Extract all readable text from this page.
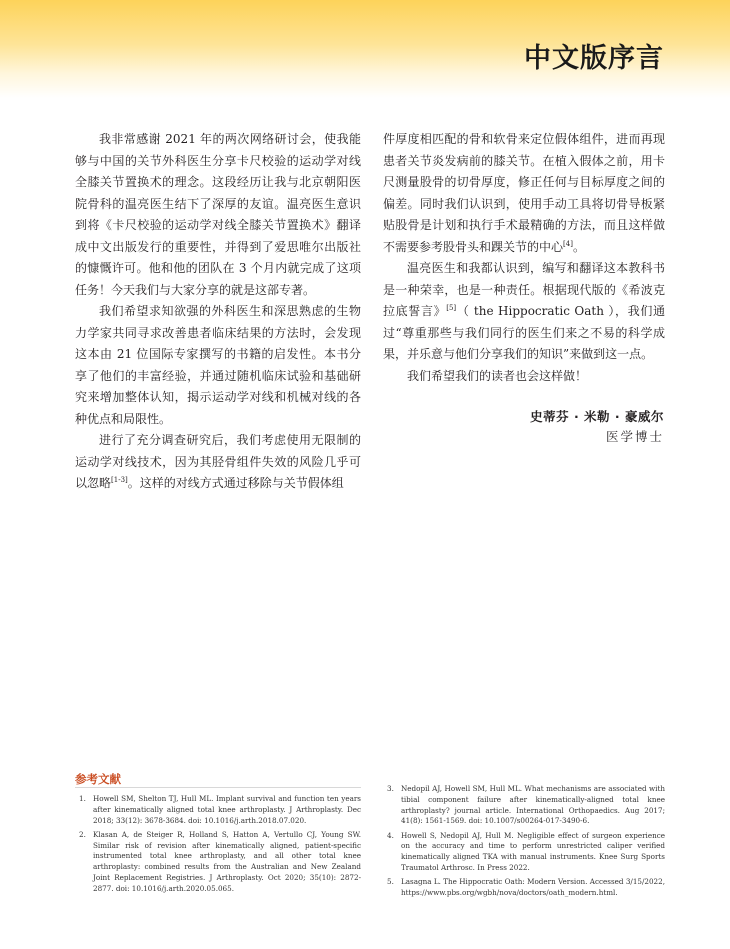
中文版序言

我非常感谢 2021 年的两次网络研讨会，使我能够与中国的关节外科医生分享卡尺校验的运动学对线全膝关节置换术的理念。这段经历让我与北京朝阳医院骨科的温亮医生结下了深厚的友谊。温亮医生意识到将《卡尺校验的运动学对线全膝关节置换术》翻译成中文出版发行的重要性，并得到了爱思唯尔出版社的慷慨许可。他和他的团队在 3 个月内就完成了这项任务！今天我们与大家分享的就是这部专著。

我们希望求知欲强的外科医生和深思熟虑的生物力学家共同寻求改善患者临床结果的方法时，会发现这本由 21 位国际专家撰写的书籍的启发性。本书分享了他们的丰富经验，并通过随机临床试验和基础研究来增加整体认知，揭示运动学对线和机械对线的各种优点和局限性。

进行了充分调查研究后，我们考虑使用无限制的运动学对线技术，因为其胫骨组件失效的风险几乎可以忽略[1-3]。这样的对线方式通过移除与关节假体组

件厚度相匹配的骨和软骨来定位假体组件，进而再现患者关节炎发病前的膝关节。在植入假体之前，用卡尺测量股骨的切骨厚度，修正任何与目标厚度之间的偏差。同时我们认识到，使用手动工具将切骨导板紧贴股骨是计划和执行手术最精确的方法，而且这样做不需要参考股骨头和踝关节的中心[4]。

温亮医生和我都认识到，编写和翻译这本教科书是一种荣幸，也是一种责任。根据现代版的《希波克拉底誓言》[5]（ the Hippocratic Oath ），我们通过“尊重那些与我们同行的医生们来之不易的科学成果，并乐意与他们分享我们的知识”来做到这一点。

我们希望我们的读者也会这样做！

史蒂芬 · 米勒 · 豪威尔
医学博士
参考文献
1. Howell SM, Shelton TJ, Hull ML. Implant survival and function ten years after kinematically aligned total knee arthroplasty. J Arthroplasty. Dec 2018; 33(12): 3678-3684. doi: 10.1016/j.arth.2018.07.020.
2. Klasan A, de Steiger R, Holland S, Hatton A, Vertullo CJ, Young SW. Similar risk of revision after kinematically aligned, patient-specific instrumented total knee arthroplasty, and all other total knee arthroplasty: combined results from the Australian and New Zealand Joint Replacement Registries. J Arthroplasty. Oct 2020; 35(10): 2872-2877. doi: 10.1016/j.arth.2020.05.065.
3. Nedopil AJ, Howell SM, Hull ML. What mechanisms are associated with tibial component failure after kinematically-aligned total knee arthroplasty? journal article. International Orthopaedics. Aug 2017; 41(8): 1561-1569. doi: 10.1007/s00264-017-3490-6.
4. Howell S, Nedopil AJ, Hull M. Negligible effect of surgeon experience on the accuracy and time to perform unrestricted caliper verified kinematically aligned TKA with manual instruments. Knee Surg Sports Traumatol Arthrosc. In Press 2022.
5. Lasagna L. The Hippocratic Oath: Modern Version. Accessed 3/15/2022, https://www.pbs.org/wgbh/nova/doctors/oath_modern.html.
